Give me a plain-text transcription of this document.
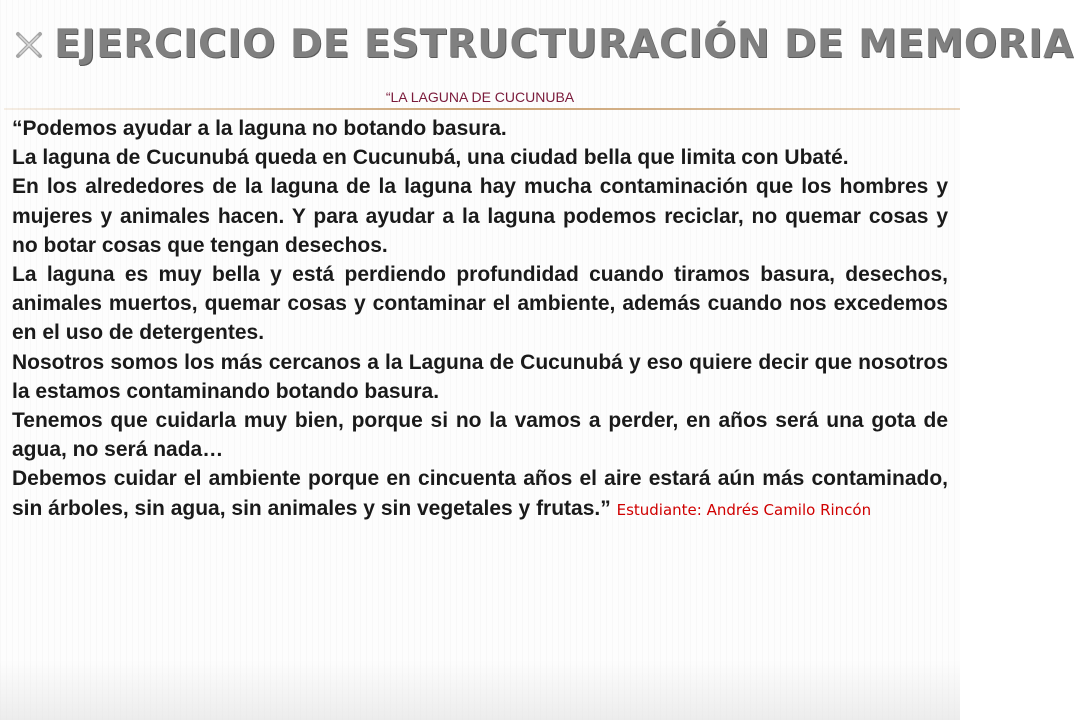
EJERCICIO DE ESTRUCTURACIÓN DE MEMORIA
“LA LAGUNA DE CUCUNUBA

“Podemos ayudar a la laguna no botando basura.

La laguna de Cucunubá queda en Cucunubá, una ciudad bella que limita con Ubaté.

En los alrededores de la laguna de la laguna hay mucha contaminación que los hombres y mujeres y animales hacen. Y para ayudar a la laguna podemos reciclar, no quemar cosas y no botar cosas que tengan desechos.

La laguna es muy bella y está perdiendo profundidad cuando tiramos basura, desechos, animales muertos, quemar cosas y contaminar el ambiente, además cuando nos excedemos en el uso de detergentes.

Nosotros somos los más cercanos a la Laguna de Cucunubá y eso quiere decir que nosotros la estamos contaminando botando basura.

Tenemos que cuidarla muy bien, porque si no la vamos a perder, en años será una gota de agua, no será nada…

Debemos cuidar el ambiente porque en cincuenta años el aire estará aún más contaminado, sin árboles, sin agua, sin animales y sin vegetales y frutas.” Estudiante: Andrés Camilo Rincón
